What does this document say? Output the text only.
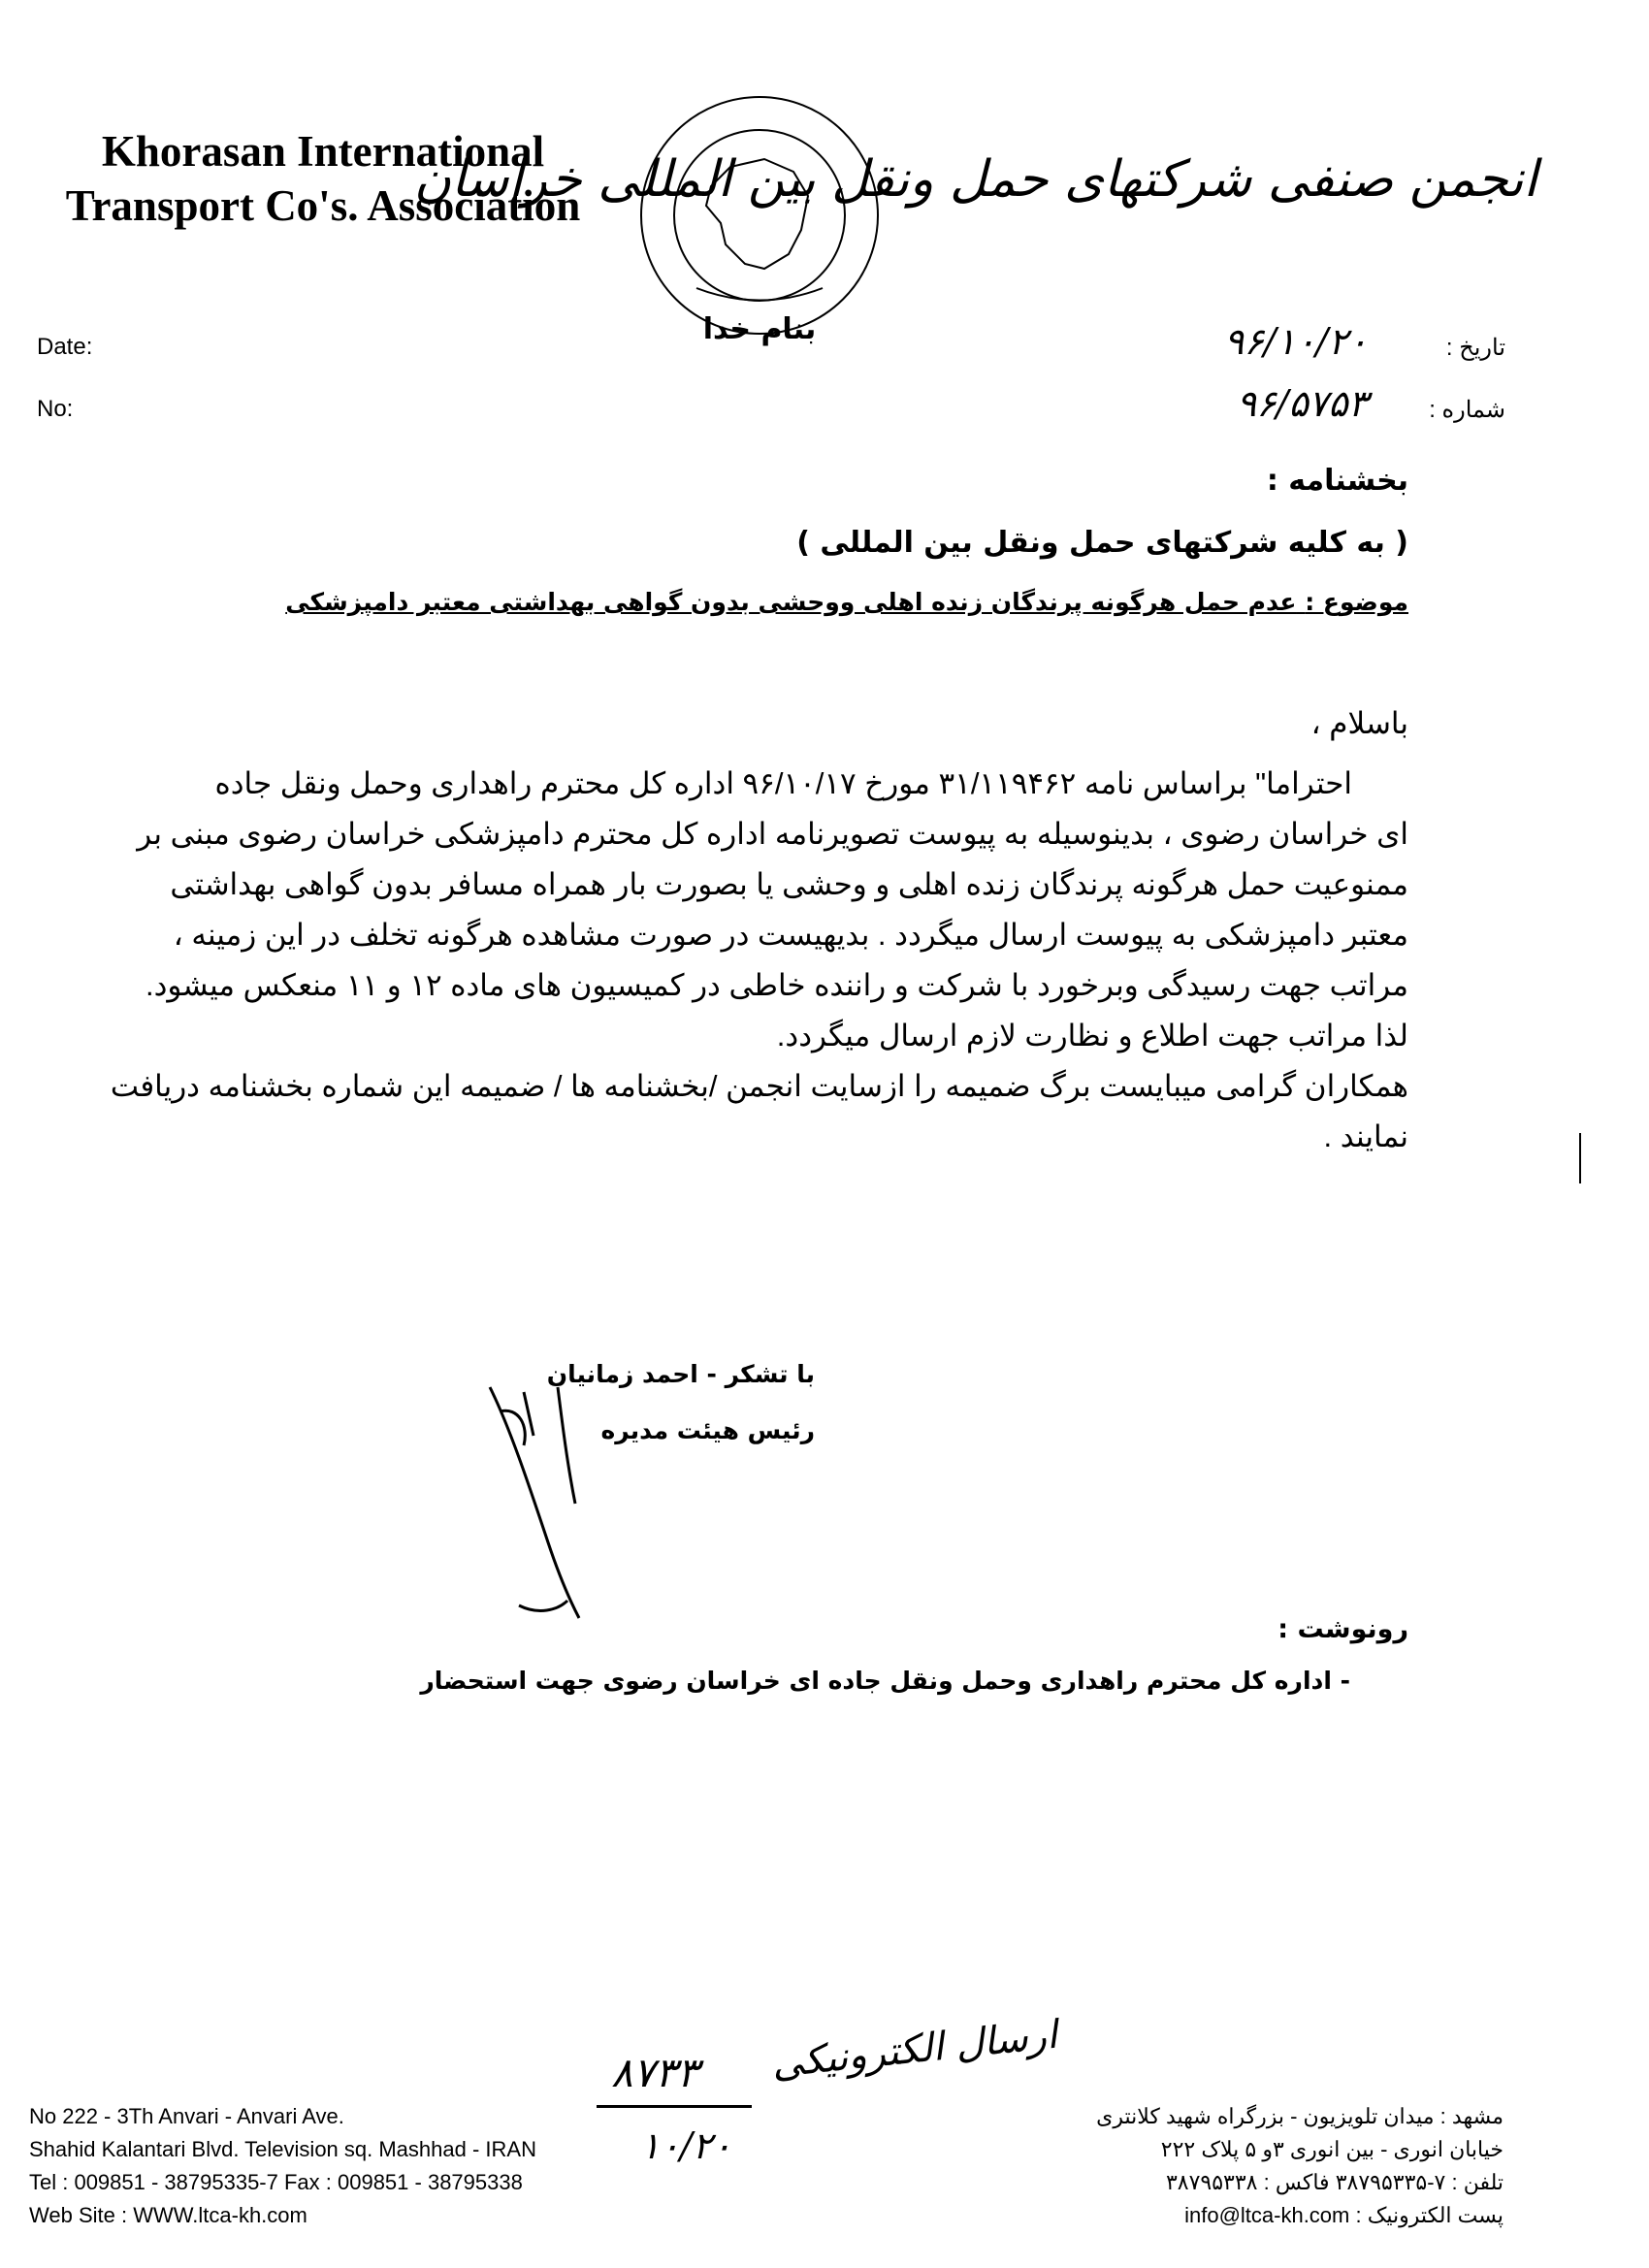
Khorasan International
Transport Co's. Association
بنام خدا
انجمن صنفی شرکتهای حمل ونقل بین المللی خراسان
Date:
No:
تاریخ :
شماره :
۹۶/۱۰/۲۰
۹۶/۵۷۵۳
بخشنامه :
( به کلیه شرکتهای حمل ونقل بین المللی )
موضوع : عدم حمل هرگونه پرندگان زنده اهلی ووحشی بدون گواهی بهداشتی معتبر دامپزشکی
باسلام ،
احتراما" براساس نامه ۳۱/۱۱۹۴۶۲ مورخ ۹۶/۱۰/۱۷ اداره کل محترم راهداری وحمل ونقل جاده
ای خراسان رضوی ، بدینوسیله به پیوست تصویرنامه اداره کل محترم دامپزشکی خراسان رضوی مبنی بر
ممنوعیت حمل هرگونه پرندگان زنده اهلی و وحشی یا بصورت بار همراه مسافر بدون گواهی بهداشتی
معتبر دامپزشکی به پیوست ارسال میگردد . بدیهیست در صورت مشاهده هرگونه تخلف در این زمینه ،
مراتب جهت رسیدگی وبرخورد با شرکت و راننده خاطی در کمیسیون های ماده ۱۲ و ۱۱ منعکس میشود.
لذا مراتب جهت اطلاع و نظارت لازم ارسال میگردد.
همکاران گرامی میبایست برگ ضمیمه را ازسایت انجمن /بخشنامه ها / ضمیمه این شماره بخشنامه دریافت
نمایند .
با تشکر - احمد زمانیان
رئیس هیئت مدیره
رونوشت :
- اداره کل محترم راهداری وحمل ونقل جاده ای خراسان رضوی جهت استحضار
ارسال الکترونیکی
۸۷۳۳
۱۰/۲۰
No 222 - 3Th Anvari - Anvari Ave.
Shahid Kalantari Blvd. Television sq. Mashhad - IRAN
Tel : 009851 - 38795335-7 Fax : 009851 - 38795338
Web Site : WWW.ltca-kh.com
مشهد : میدان تلویزیون - بزرگراه شهید کلانتری
خیابان انوری - بین انوری ۳و ۵ پلاک ۲۲۲
تلفن : ۷-۳۸۷۹۵۳۳۵ فاکس : ۳۸۷۹۵۳۳۸
پست الکترونیک : info@ltca-kh.com
